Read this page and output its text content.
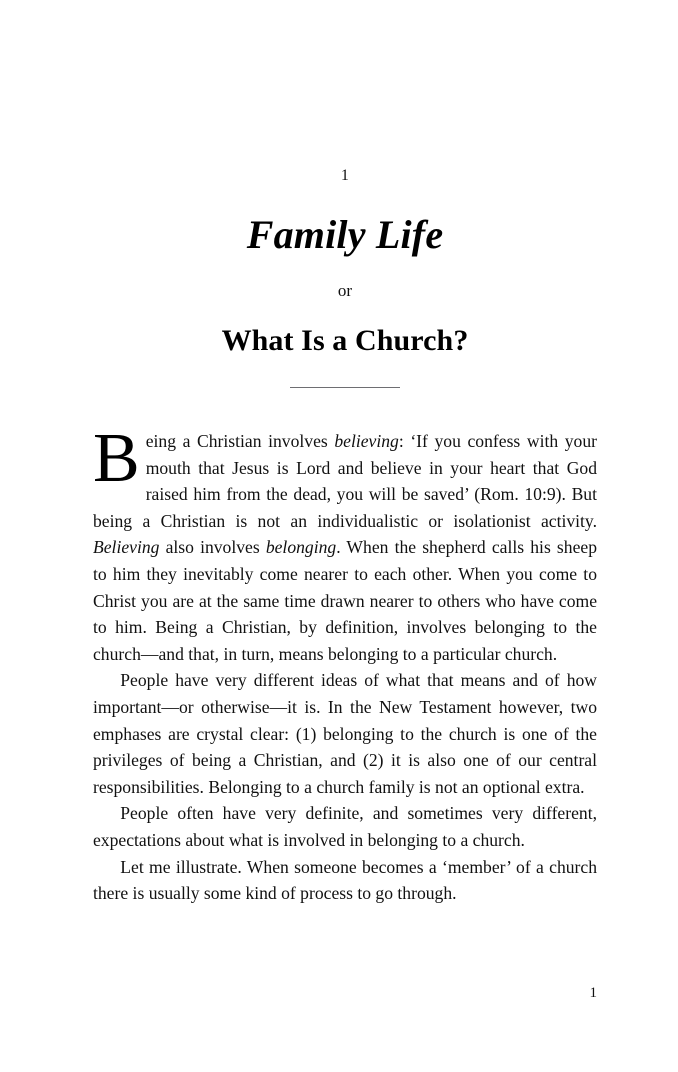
1
Family Life
or
What Is a Church?

Being a Christian involves believing: ‘If you confess with your mouth that Jesus is Lord and believe in your heart that God raised him from the dead, you will be saved’ (Rom. 10:9). But being a Christian is not an individualistic or isolationist activity. Believing also involves belonging. When the shepherd calls his sheep to him they inevitably come nearer to each other. When you come to Christ you are at the same time drawn nearer to others who have come to him. Being a Christian, by definition, involves belonging to the church—and that, in turn, means belonging to a particular church.

People have very different ideas of what that means and of how important—or otherwise—it is. In the New Testament however, two emphases are crystal clear: (1) belonging to the church is one of the privileges of being a Christian, and (2) it is also one of our central responsibilities. Belonging to a church family is not an optional extra.

People often have very definite, and sometimes very different, expectations about what is involved in belonging to a church.

Let me illustrate. When someone becomes a ‘member’ of a church there is usually some kind of process to go through.

1
